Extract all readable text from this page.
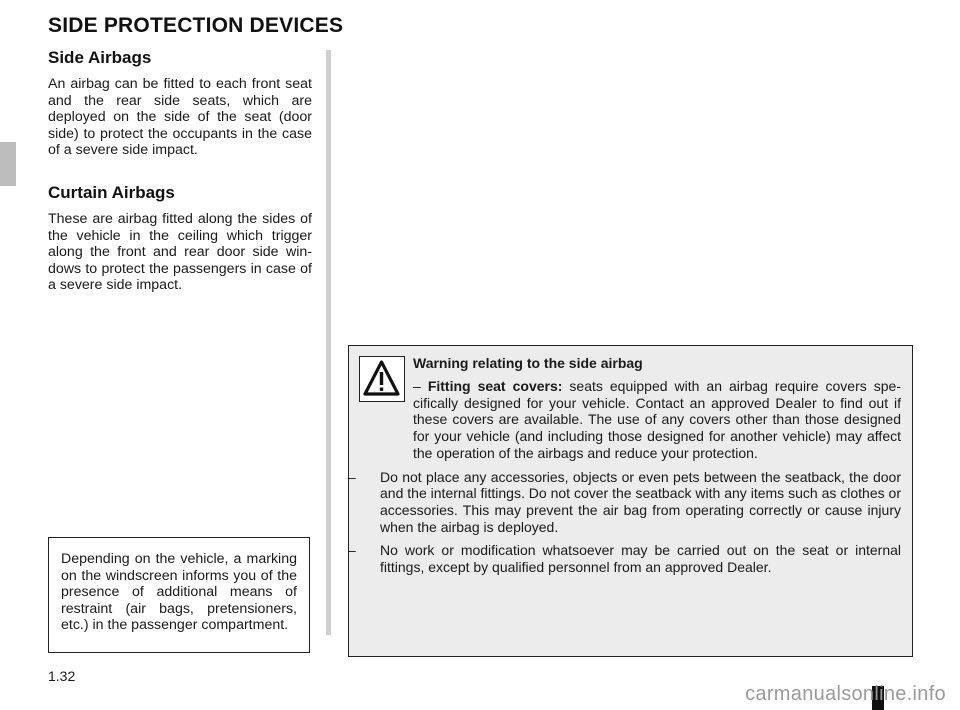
SIDE PROTECTION DEVICES
Side Airbags

An airbag can be fitted to each front seat and the rear side seats, which are deployed on the side of the seat (door side) to protect the occupants in the case of a severe side impact.

Curtain Airbags

These are airbag fitted along the sides of the vehicle in the ceiling which trigger along the front and rear door side windows to protect the passengers in case of a severe side impact.

Depending on the vehicle, a marking on the windscreen informs you of the presence of additional means of restraint (air bags, pretensioners, etc.) in the passenger compartment.

Warning relating to the side airbag

– Fitting seat covers: seats equipped with an airbag require covers specifically designed for your vehicle. Contact an approved Dealer to find out if these covers are available. The use of any covers other than those designed for your vehicle (and including those designed for another vehicle) may affect the operation of the airbags and reduce your protection.

– Do not place any accessories, objects or even pets between the seatback, the door and the internal fittings. Do not cover the seatback with any items such as clothes or accessories. This may prevent the air bag from operating correctly or cause injury when the airbag is deployed.

– No work or modification whatsoever may be carried out on the seat or internal fittings, except by qualified personnel from an approved Dealer.

1.32
carmanualsonline.info
